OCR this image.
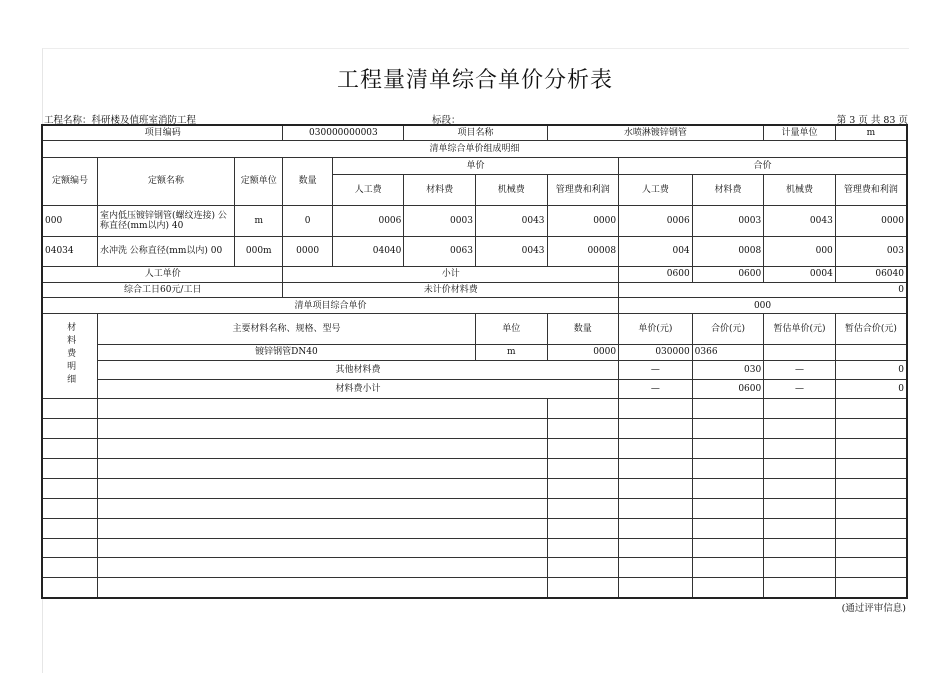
工程量清单综合单价分析表
工程名称：科研楼及值班室消防工程	标段：	第 3 页 共 83 页
项目编码			030000000003		项目名称		水喷淋镀锌钢管			计量单位	m
清单综合单价组成明细											
定额编号	定额名称	定额单位	数量	单价				合价			
				人工费	材料费	机械费	管理费和利润	人工费	材料费	机械费	管理费和利润
000	室内低压镀锌钢管(螺纹连接) 公称直径(mm以内) 40	m	0	0006	0003	0043	0000	0006	0003	0043	0000
04034	水冲洗 公称直径(mm以内) 00	000m	0000	04040	0063	0043	00008	004	0008	000	003
人工单价			小计					0600	0600	0004	06040
综合工日60元/工日			未计价材料费					0			
清单项目综合单价								000			
材料费明细	主要材料名称、规格、型号					单位	数量	单价(元)	合价(元)	暂估单价(元)	暂估合价(元)
	镀锌钢管DN40					m	0000	030000	0366		
	其他材料费							—	030	—	0
	材料费小计							—	0600	—	0

(通过评审信息)
